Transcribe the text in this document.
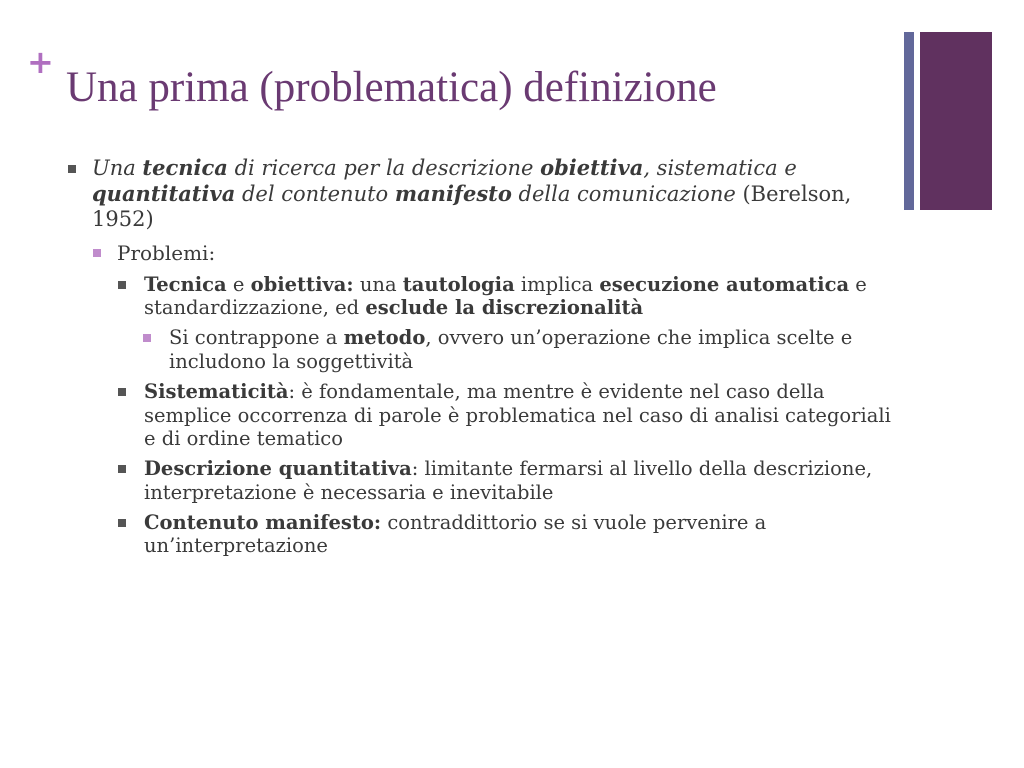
+
Una prima (problematica) definizione
Una tecnica di ricerca per la descrizione obiettiva, sistematica e quantitativa del contenuto manifesto della comunicazione (Berelson, 1952)
Problemi:
Tecnica e obiettiva: una tautologia implica esecuzione automatica e standardizzazione, ed esclude la discrezionalità
Si contrappone a metodo, ovvero un’operazione che implica scelte e includono la soggettività
Sistematicità: è fondamentale, ma mentre è evidente nel caso della semplice occorrenza di parole è problematica nel caso di analisi categoriali e di ordine tematico
Descrizione quantitativa: limitante fermarsi al livello della descrizione, interpretazione è necessaria e inevitabile
Contenuto manifesto: contraddittorio se si vuole pervenire a un’interpretazione
